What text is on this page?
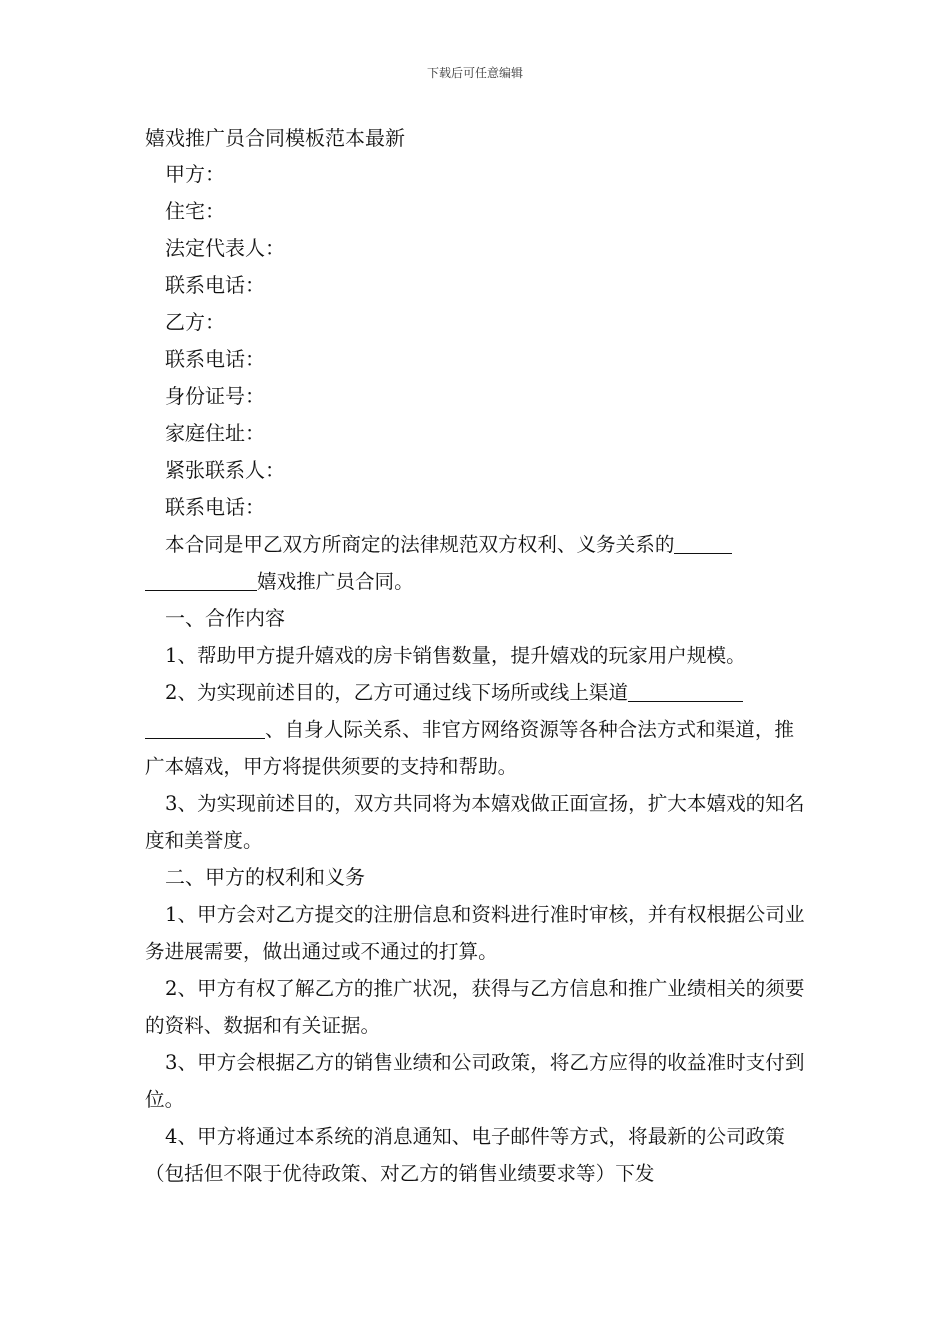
下载后可任意编辑
嬉戏推广员合同模板范本最新

甲方：

住宅：

法定代表人：

联系电话：

乙方：

联系电话：

身份证号：

家庭住址：

紧张联系人：

联系电话：

本合同是甲乙双方所商定的法律规范双方权利、义务关系的嬉戏推广员合同。

一、合作内容

1、帮助甲方提升嬉戏的房卡销售数量，提升嬉戏的玩家用户规模。

2、为实现前述目的，乙方可通过线下场所或线上渠道、自身人际关系、非官方网络资源等各种合法方式和渠道，推广本嬉戏，甲方将提供须要的支持和帮助。

3、为实现前述目的，双方共同将为本嬉戏做正面宣扬，扩大本嬉戏的知名度和美誉度。

二、甲方的权利和义务

1、甲方会对乙方提交的注册信息和资料进行准时审核，并有权根据公司业务进展需要，做出通过或不通过的打算。

2、甲方有权了解乙方的推广状况，获得与乙方信息和推广业绩相关的须要的资料、数据和有关证据。

3、甲方会根据乙方的销售业绩和公司政策，将乙方应得的收益准时支付到位。

4、甲方将通过本系统的消息通知、电子邮件等方式，将最新的公司政策（包括但不限于优待政策、对乙方的销售业绩要求等）下发
